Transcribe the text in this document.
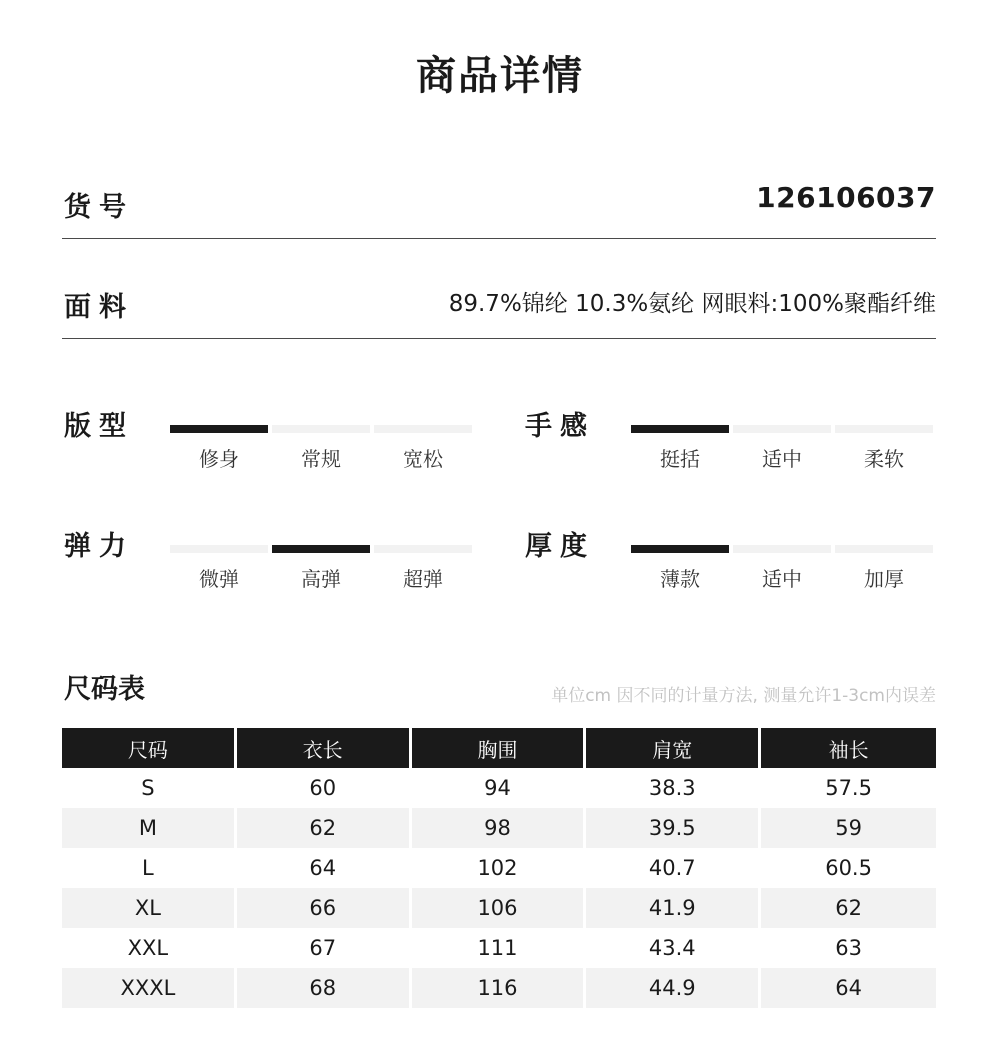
商品详情
货号	126106037
面料	89.7%锦纶 10.3%氨纶 网眼料:100%聚酯纤维
版型
修身	常规	宽松
手感
挺括	适中	柔软
弹力
微弹	高弹	超弹
厚度
薄款	适中	加厚
尺码表	单位cm 因不同的计量方法, 测量允许1-3cm内误差
尺码	衣长	胸围	肩宽	袖长
S	60	94	38.3	57.5
M	62	98	39.5	59
L	64	102	40.7	60.5
XL	66	106	41.9	62
XXL	67	111	43.4	63
XXXL	68	116	44.9	64
